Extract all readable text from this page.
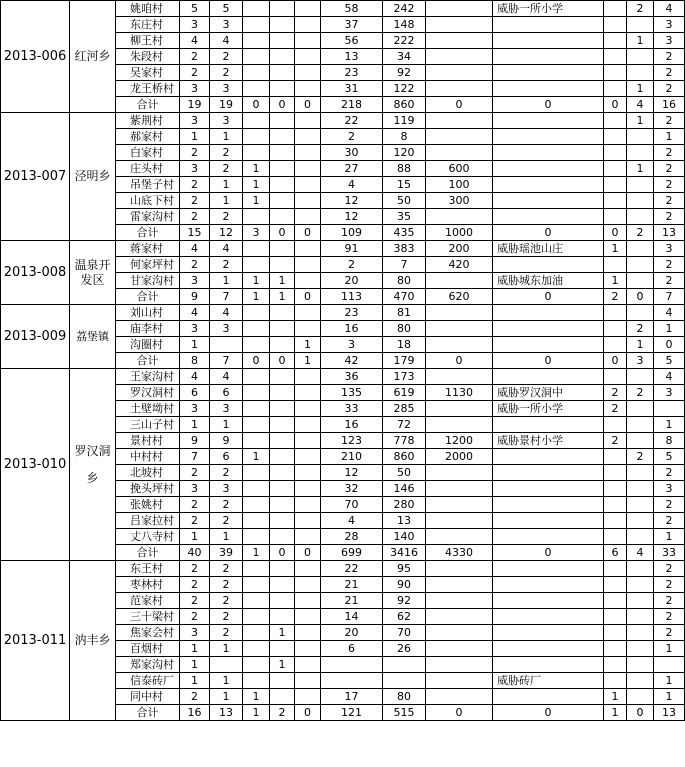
2013-006	红河乡	姚咱村	5	5				58	242		威胁一所小学		2	4
		东庄村	3	3				37	148					3
		柳王村	4	4				56	222				1	3
		朱段村	2	2				13	34					2
		吴家村	2	2				23	92					2
		龙王桥村	3	3				31	122				1	2
		合计	19	19	0	0	0	218	860	0	0	0	4	16
2013-007	泾明乡	紫荆村	3	3				22	119				1	2
		郝家村	1	1				2	8					1
		白家村	2	2				30	120					2
		庄头村	3	2	1			27	88	600			1	2
		吊堡子村	2	1	1			4	15	100				2
		山底下村	2	1	1			12	50	300				2
		雷家沟村	2	2				12	35					2
		合计	15	12	3	0	0	109	435	1000	0	0	2	13
2013-008	温泉开发区	蒋家村	4	4				91	383	200	威胁瑶池山庄	1		3
		何家坪村	2	2				2	7	420				2
		甘家沟村	3	1	1	1		20	80		威胁城东加油	1		2
		合计	9	7	1	1	0	113	470	620	0	2	0	7
2013-009	荔堡镇	刘山村	4	4				23	81					4
		庙李村	3	3				16	80				2	1
		沟圈村	1				1	3	18				1	0
		合计	8	7	0	0	1	42	179	0	0	0	3	5
2013-010	罗汉洞乡	王家沟村	4	4				36	173					4
		罗汉洞村	6	6				135	619	1130	威胁罗汉洞中	2	2	3
		土壁坳村	3	3				33	285		威胁一所小学	2		
		三山子村	1	1				16	72					1
		景村村	9	9				123	778	1200	威胁景村小学	2		8
		中村村	7	6	1			210	860	2000			2	5
		北坡村	2	2				12	50					2
		挽头坪村	3	3				32	146					3
		张姚村	2	2				70	280					2
		吕家拉村	2	2				4	13					2
		丈八寺村	1	1				28	140					1
		合计	40	39	1	0	0	699	3416	4330	0	6	4	33
2013-011	汭丰乡	东王村	2	2				22	95					2
		枣林村	2	2				21	90					2
		范家村	2	2				21	92					2
		三十梁村	2	2				14	62					2
		焦家会村	3	2		1		20	70					2
		百烟村	1	1				6	26					1
		郑家沟村	1			1								
		信泰砖厂	1	1							威胁砖厂			1
		同中村	2	1	1			17	80			1		1
		合计	16	13	1	2	0	121	515	0	0	1	0	13
